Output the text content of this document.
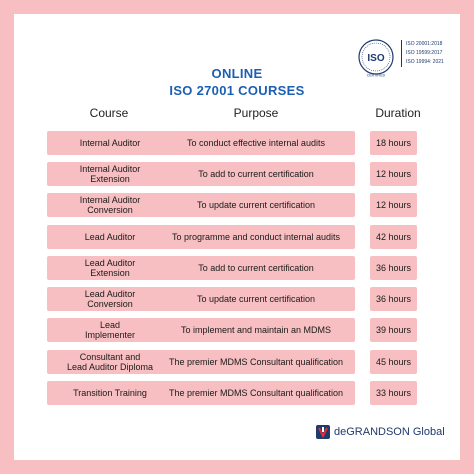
ISO
CERTIFIED
ISO 20001:2018
ISO 19599:2017
ISO 19994: 2021
ONLINE
ISO 27001 COURSES
Course	Purpose	Duration
Internal Auditor	To conduct effective internal audits	18 hours
Internal Auditor
Extension	To add to current certification	12 hours
Internal Auditor
Conversion	To update current certification	12 hours
Lead Auditor	To programme and conduct internal audits	42 hours
Lead Auditor
Extension	To add to current certification	36 hours
Lead Auditor
Conversion	To update current certification	36 hours
Lead
Implementer	To implement and maintain an MDMS	39 hours
Consultant and
Lead Auditor Diploma	The premier MDMS Consultant qualification	45 hours
Transition Training	The premier MDMS Consultant qualification	33 hours
deGRANDSON Global
